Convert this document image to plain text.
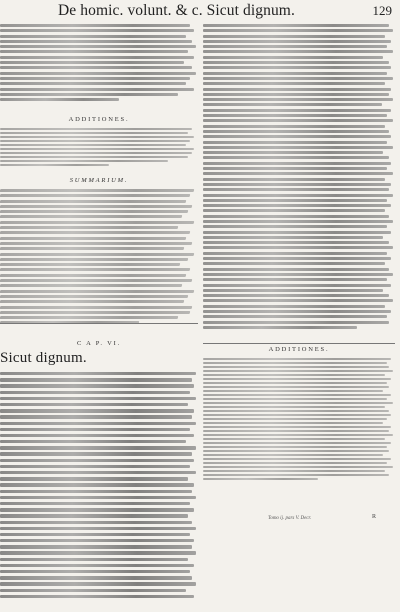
De homic. volunt. & c. Sicut dignum.	129
ADDITIONES.
SUMMARIUM.
C A P. VI.
Sicut dignum.
ADDITIONES.
Tomo ij. pars V. Decr.	R
